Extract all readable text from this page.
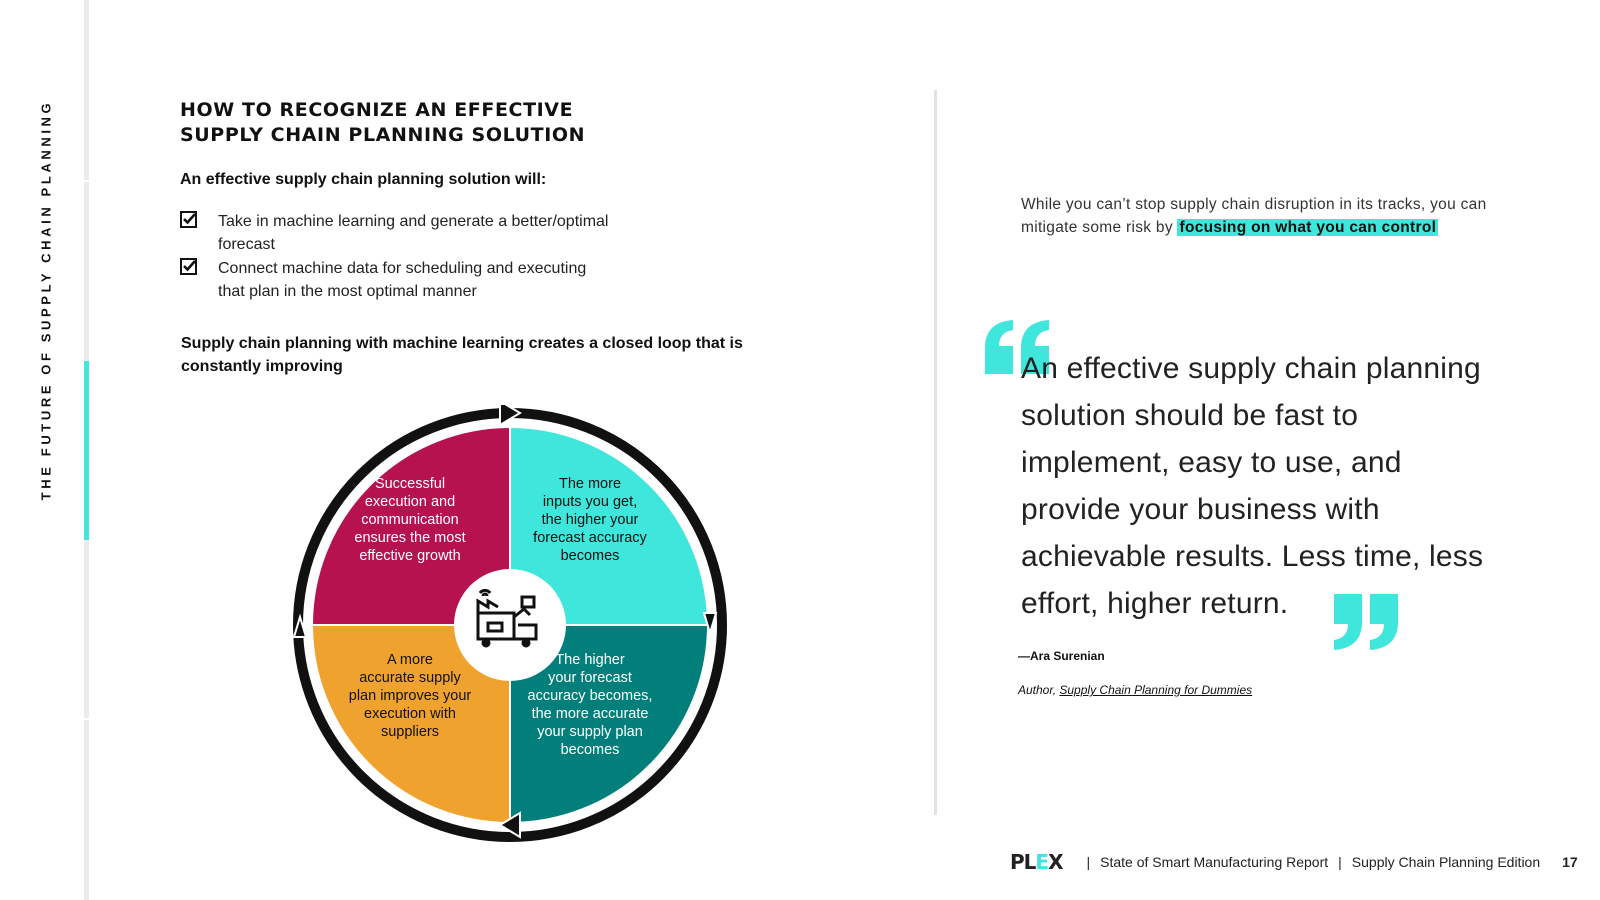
THE FUTURE OF SUPPLY CHAIN PLANNING	HOW TO RECOGNIZE AN EFFECTIVE
SUPPLY CHAIN PLANNING SOLUTION
An effective supply chain planning solution will:
Take in machine learning and generate a better/optimal forecast
Connect machine data for scheduling and executing
that plan in the most optimal manner
Supply chain planning with machine learning creates a closed loop that is
constantly improving
Successful
execution and
communication
ensures the most
effective growth
The more
inputs you get,
the higher your
forecast accuracy
becomes
The higher
your forecast
accuracy becomes,
the more accurate
your supply plan
becomes
A more
accurate supply
plan improves your
execution with
suppliers
While you can’t stop supply chain disruption in its tracks, you can mitigate some risk by focusing on what you can control
An effective supply chain planning solution should be fast to implement, easy to use, and provide your business with achievable results. Less time, less effort, higher return.
—Ara Surenian
Author, Supply Chain Planning for Dummies
PLEX | State of Smart Manufacturing Report | Supply Chain Planning Edition 17
